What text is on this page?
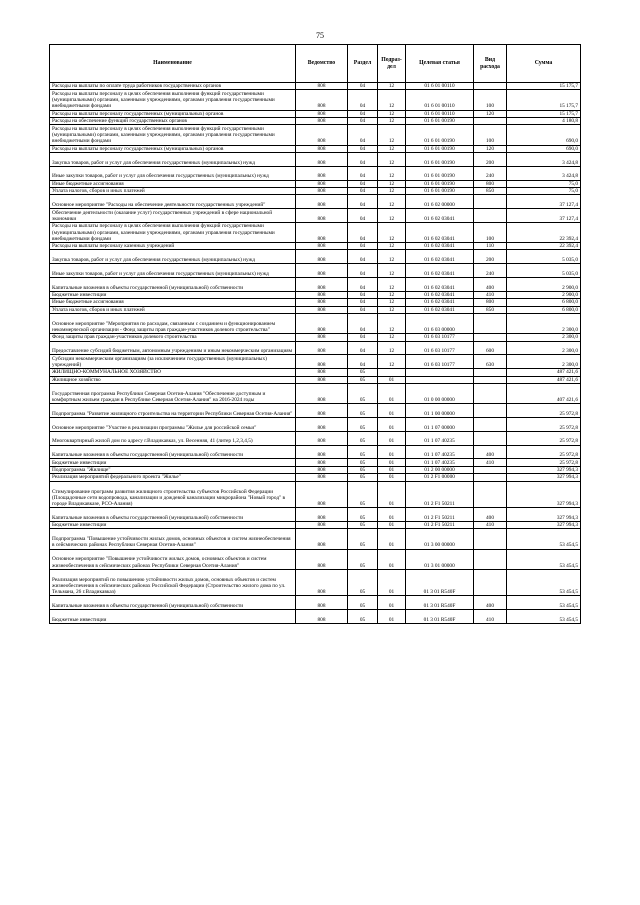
75
Наименование	Ведомство	Раздел	Подраз-дел	Целевая статья	Вид расхода	Сумма
Расходы на выплаты по оплате труда работников государственных органов	808	04	12	01 6 01 00110		15 175,7
Расходы на выплаты персоналу в целях обеспечения выполнения функций государственными (муниципальными) органами, казенными учреждениями, органами управления государственными внебюджетными фондами	808	04	12	01 6 01 00110	100	15 175,7
Расходы на выплаты персоналу государственных (муниципальных) органов	808	04	12	01 6 01 00110	120	15 175,7
Расходы на обеспечение функций государственных органов	808	04	12	01 6 01 00190		4 180,8
Расходы на выплаты персоналу в целях обеспечения выполнения функций государственными (муниципальными) органами, казенными учреждениями, органами управления государственными внебюджетными фондами	808	04	12	01 6 01 00190	100	690,0
Расходы на выплаты персоналу государственных (муниципальных) органов	808	04	12	01 6 01 00190	120	690,0
Закупка товаров, работ и услуг для обеспечения государственных (муниципальных) нужд	808	04	12	01 6 01 00190	200	3 424,8
Иные закупки товаров, работ и услуг для обеспечения государственных (муниципальных) нужд	808	04	12	01 6 01 00190	240	3 424,8
Иные бюджетные ассигнования	808	04	12	01 6 01 00190	800	75,0
Уплата налогов, сборов и иных платежей	808	04	12	01 6 01 00190	850	75,0
Основное мероприятие "Расходы на обеспечение деятельности государственных учреждений"	808	04	12	01 6 02 00000		37 127,4
Обеспечение деятельности (оказание услуг) государственных учреждений в сфере национальной экономики	808	04	12	01 6 02 03041		37 127,4
Расходы на выплаты персоналу в целях обеспечения выполнения функций государственными (муниципальными) органами, казенными учреждениями, органами управления государственными внебюджетными фондами	808	04	12	01 6 02 03041	100	22 392,4
Расходы на выплаты персоналу казенных учреждений	808	04	12	01 6 02 03041	110	22 392,4
Закупка товаров, работ и услуг для обеспечения государственных (муниципальных) нужд	808	04	12	01 6 02 03041	200	5 035,0
Иные закупки товаров, работ и услуг для обеспечения государственных (муниципальных) нужд	808	04	12	01 6 02 03041	240	5 035,0
Капитальные вложения в объекты государственной (муниципальной) собственности	808	04	12	01 6 02 03041	400	2 900,0
Бюджетные инвестиции	808	04	12	01 6 02 03041	410	2 900,0
Иные бюджетные ассигнования	808	04	12	01 6 02 03041	800	6 800,0
Уплата налогов, сборов и иных платежей	808	04	12	01 6 02 03041	850	6 800,0
Основное мероприятие "Мероприятия по расходам, связанным с созданием и функционированием некоммерческой организации - Фонд защиты прав граждан-участников долевого строительства"	808	04	12	01 6 03 00000		2 300,0
Фонд защиты прав граждан-участников долевого строительства	808	04	12	01 6 03 10177		2 300,0
Предоставление субсидий бюджетным, автономным учреждениям и иным некоммерческим организациям	808	04	12	01 6 03 10177	600	2 300,0
Субсидии некоммерческим организациям (за исключением государственных (муниципальных) учреждений)	808	04	12	01 6 03 10177	630	2 300,0
ЖИЛИЩНО-КОММУНАЛЬНОЕ ХОЗЯЙСТВО	808	05				487 421,6
Жилищное хозяйство	808	05	01			487 421,6
Государственная программа Республики Северная Осетия-Алания "Обеспечение доступным и комфортным жильем граждан в Республике Северная Осетия-Алания" на 2016-2024 годы	808	05	01	01 0 00 00000		407 421,6
Подпрограмма "Развитие жилищного строительства на территории Республики Северная Осетия-Алания"	808	05	01	01 1 00 00000		25 972,8
Основное мероприятие "Участие в реализации программы "Жилье для российской семьи"	808	05	01	01 1 07 00000		25 972,8
Многоквартирный жилой дом по адресу г.Владикавказ, ул. Весенняя, 41 (литер 1,2,3,4,5)	808	05	01	01 1 07 40235		25 972,8
Капитальные вложения в объекты государственной (муниципальной) собственности	808	05	01	01 1 07 40235	400	25 972,8
Бюджетные инвестиции	808	05	01	01 1 07 40235	410	25 972,8
Подпрограмма "Жилище"	808	05	01	01 2 00 00000		327 994,3
Реализация мероприятий федерального проекта "Жилье"	808	05	01	01 2 F1 00000		327 994,3
Стимулирование программ развития жилищного строительства субъектов Российской Федерации (Площадочные сети водопровода, канализации и дождевой канализации микрорайона "Новый город" в городе Владикавказе, РСО-Алания)	808	05	01	01 2 F1 50211		327 994,3
Капитальные вложения в объекты государственной (муниципальной) собственности	808	05	01	01 2 F1 50211	400	327 994,3
Бюджетные инвестиции	808	05	01	01 2 F1 50211	410	327 994,3
Подпрограмма "Повышение устойчивости жилых домов, основных объектов и систем жизнеобеспечения в сейсмических районах Республики Северная Осетия-Алания"	808	05	01	01 3 00 00000		53 454,5
Основное мероприятие "Повышение устойчивости жилых домов, основных объектов и систем жизнеобеспечения в сейсмических районах Республики Северная Осетия-Алания"	808	05	01	01 3 01 00000		53 454,5
Реализация мероприятий по повышению устойчивости жилых домов, основных объектов и систем жизнеобеспечения в сейсмических районах Российской Федерации (Строительство жилого дома по ул. Тельмана, 26 г.Владикавказ)	808	05	01	01 3 01 R540F		53 454,5
Капитальные вложения в объекты государственной (муниципальной) собственности	808	05	01	01 3 01 R540F	400	53 454,5
Бюджетные инвестиции	808	05	01	01 3 01 R540F	410	53 454,5
